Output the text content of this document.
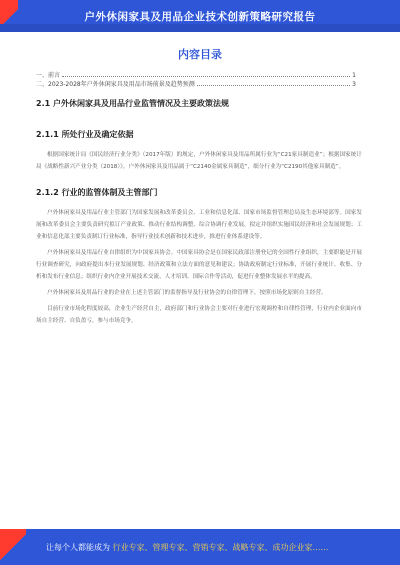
户外休闲家具及用品企业技术创新策略研究报告
内容目录
一、前言	1
二、2023-2028年户外休闲家具及用品市场前景及趋势预测	3
2.1 户外休闲家具及用品行业监管情况及主要政策法规
2.1.1 所处行业及确定依据

根据国家统计局《国民经济行业分类》（2017年版）的规定，户外休闲家具及用品所属行业为“C21家具制造业”；根据国家统计局《战略性新兴产业分类（2018）》，户外休闲家具及用品属于“C2140金属家具制造”，细分行业为“C2190其他家具制造”。

2.1.2 行业的监管体制及主管部门

户外休闲家具及用品行业主管部门为国家发展和改革委员会、工业和信息化部、国家市场监督管理总局及生态环境部等。国家发展和改革委员会主要负责研究拟订产业政策、推动行业结构调整、综合协调行业发展，拟定并组织实施国民经济和社会发展规划；工业和信息化部主要负责制订行业标准，指导行业技术创新和技术进步，推进行业体系建设等。

户外休闲家具及用品行业自律组织为中国家具协会。中国家具协会是在国家民政部注册登记的全国性行业组织，主要职能是开展行业调查研究，向政府提出本行业发展规划、经济政策和立法方面的意见和建议；协助政府制定行业标准，开展行业统计、收集、分析和发布行业信息；组织行业内企业开展技术交流、人才培训、国际合作等活动，促进行业整体发展水平的提高。

户外休闲家具及用品行业的企业在上述主管部门的监督指导及行业协会的自律管理下，按照市场化原则自主经营。

目前行业市场化程度较高，企业生产经营自主，政府部门和行业协会主要对行业进行宏观调控和自律性管理，行业内企业面向市场自主经营、自负盈亏，参与市场竞争。

让每个人都能成为 行业专家、管理专家、营销专家、战略专家、成功企业家……
